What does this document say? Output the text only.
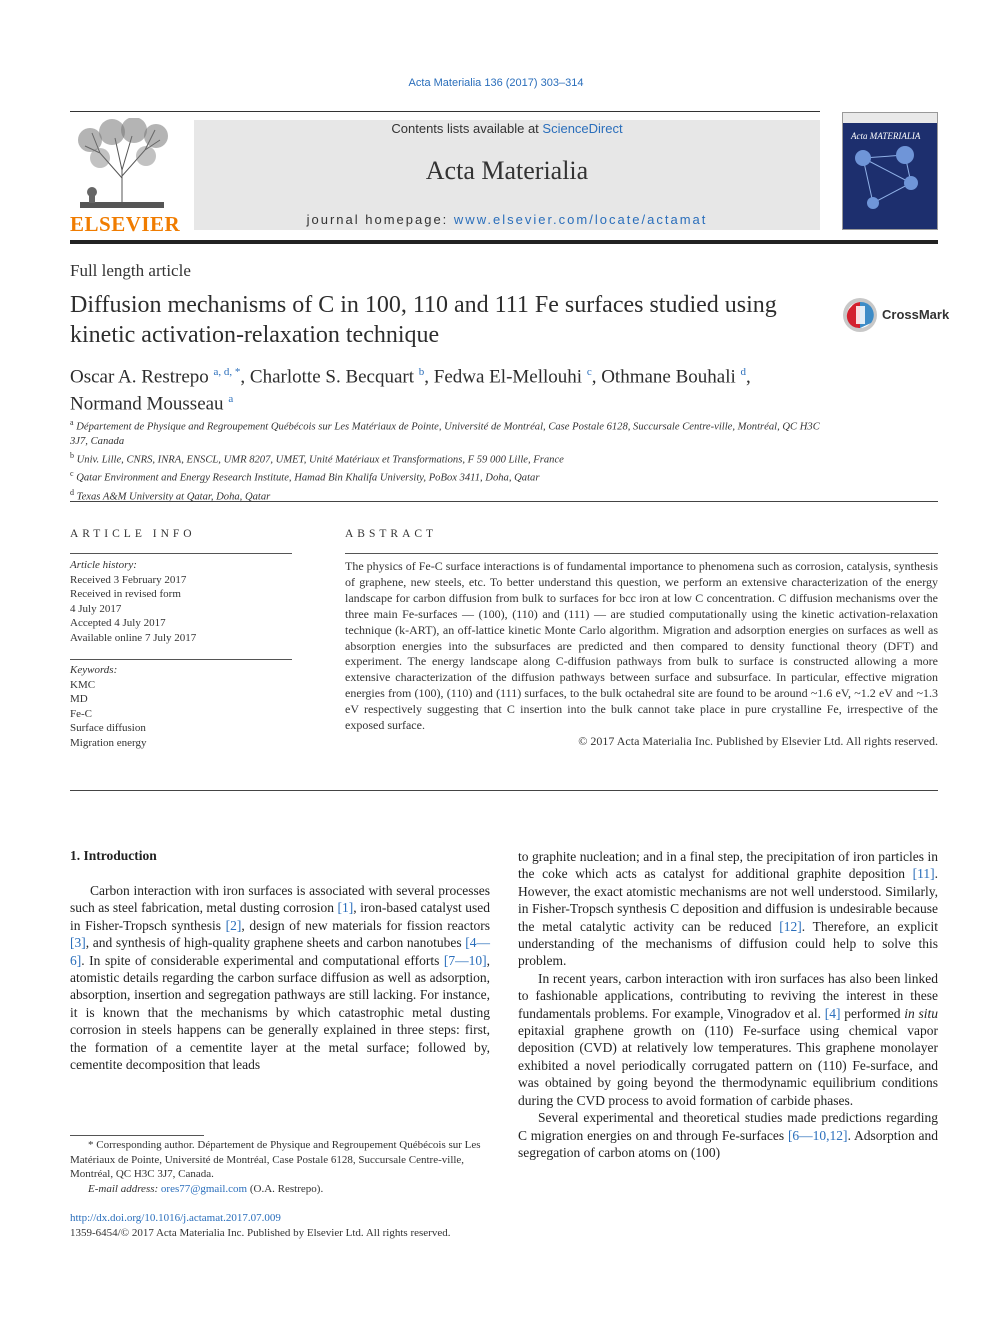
Acta Materialia 136 (2017) 303–314
ELSEVIER
Contents lists available at ScienceDirect
Acta Materialia
journal homepage: www.elsevier.com/locate/actamat
Acta MATERIALIA
Full length article
Diffusion mechanisms of C in 100, 110 and 111 Fe surfaces studied using kinetic activation-relaxation technique
CrossMark
Oscar A. Restrepo $^{a, d, *}$, Charlotte S. Becquart $^b$, Fedwa El-Mellouhi $^c$, Othmane Bouhali $^d$,
Normand Mousseau $^a$
$^a$ Département de Physique and Regroupement Québécois sur Les Matériaux de Pointe, Université de Montréal, Case Postale 6128, Succursale Centre-ville, Montréal, QC H3C 3J7, Canada
$^b$ Univ. Lille, CNRS, INRA, ENSCL, UMR 8207, UMET, Unité Matériaux et Transformations, F 59 000 Lille, France
$^c$ Qatar Environment and Energy Research Institute, Hamad Bin Khalifa University, PoBox 3411, Doha, Qatar
$^d$ Texas A&M University at Qatar, Doha, Qatar
ARTICLE INFO
Article history:
Received 3 February 2017
Received in revised form
4 July 2017
Accepted 4 July 2017
Available online 7 July 2017
Keywords:
KMC
MD
Fe-C
Surface diffusion
Migration energy
ABSTRACT
The physics of Fe-C surface interactions is of fundamental importance to phenomena such as corrosion, catalysis, synthesis of graphene, new steels, etc. To better understand this question, we perform an extensive characterization of the energy landscape for carbon diffusion from bulk to surfaces for bcc iron at low C concentration. C diffusion mechanisms over the three main Fe-surfaces — (100), (110) and (111) — are studied computationally using the kinetic activation-relaxation technique (k-ART), an off-lattice kinetic Monte Carlo algorithm. Migration and adsorption energies on surfaces as well as absorption energies into the subsurfaces are predicted and then compared to density functional theory (DFT) and experiment. The energy landscape along C-diffusion pathways from bulk to surface is constructed allowing a more extensive characterization of the diffusion pathways between surface and subsurface. In particular, effective migration energies from (100), (110) and (111) surfaces, to the bulk octahedral site are found to be around ~1.6 eV, ~1.2 eV and ~1.3 eV respectively suggesting that C insertion into the bulk cannot take place in pure crystalline Fe, irrespective of the exposed surface.
© 2017 Acta Materialia Inc. Published by Elsevier Ltd. All rights reserved.
1. Introduction

Carbon interaction with iron surfaces is associated with several processes such as steel fabrication, metal dusting corrosion [1], iron-based catalyst used in Fisher-Tropsch synthesis [2], design of new materials for fission reactors [3], and synthesis of high-quality graphene sheets and carbon nanotubes [4—6]. In spite of considerable experimental and computational efforts [7—10], atomistic details regarding the carbon surface diffusion as well as adsorption, absorption, insertion and segregation pathways are still lacking. For instance, it is known that the mechanisms by which catastrophic metal dusting corrosion in steels happens can be generally explained in three steps: first, the formation of a cementite layer at the metal surface; followed by, cementite decomposition that leads

to graphite nucleation; and in a final step, the precipitation of iron particles in the coke which acts as catalyst for additional graphite deposition [11]. However, the exact atomistic mechanisms are not well understood. Similarly, in Fisher-Tropsch synthesis C deposition and diffusion is undesirable because the metal catalytic activity can be reduced [12]. Therefore, an explicit understanding of the mechanisms of diffusion could help to solve this problem.

In recent years, carbon interaction with iron surfaces has also been linked to fashionable applications, contributing to reviving the interest in these fundamentals problems. For example, Vinogradov et al. [4] performed in situ epitaxial graphene growth on (110) Fe-surface using chemical vapor deposition (CVD) at relatively low temperatures. This graphene monolayer exhibited a novel periodically corrugated pattern on (110) Fe-surface, and was obtained by going beyond the thermodynamic equilibrium conditions during the CVD process to avoid formation of carbide phases.

Several experimental and theoretical studies made predictions regarding C migration energies on and through Fe-surfaces [6—10,12]. Adsorption and segregation of carbon atoms on (100)

* Corresponding author. Département de Physique and Regroupement Québécois sur Les Matériaux de Pointe, Université de Montréal, Case Postale 6128, Succursale Centre-ville, Montréal, QC H3C 3J7, Canada.
E-mail address: ores77@gmail.com (O.A. Restrepo).
http://dx.doi.org/10.1016/j.actamat.2017.07.009
1359-6454/© 2017 Acta Materialia Inc. Published by Elsevier Ltd. All rights reserved.
